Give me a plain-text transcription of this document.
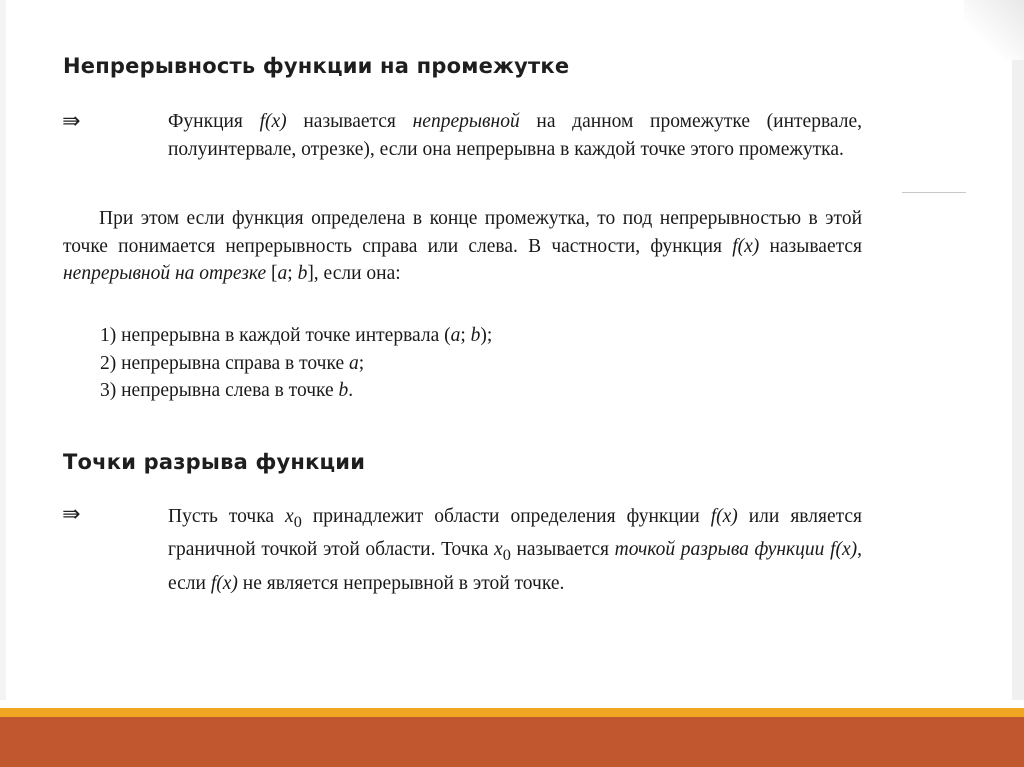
Непрерывность функции на промежутке
⇛	Функция f(x) называется непрерывной на данном промежутке (интервале, полуинтервале, отрезке), если она непрерывна в каждой точке этого промежутка.
При этом если функция определена в конце промежутка, то под непрерывностью в этой точке понимается непрерывность справа или слева. В частности, функция f(x) называется непрерывной на отрезке [a; b], если она:
1) непрерывна в каждой точке интервала (a; b);
2) непрерывна справа в точке a;
3) непрерывна слева в точке b.
Точки разрыва функции
⇛	Пусть точка $x_0$ принадлежит области определения функции f(x) или является граничной точкой этой области. Точка $x_0$ называется точкой разрыва функции f(x), если f(x) не является непрерывной в этой точке.
